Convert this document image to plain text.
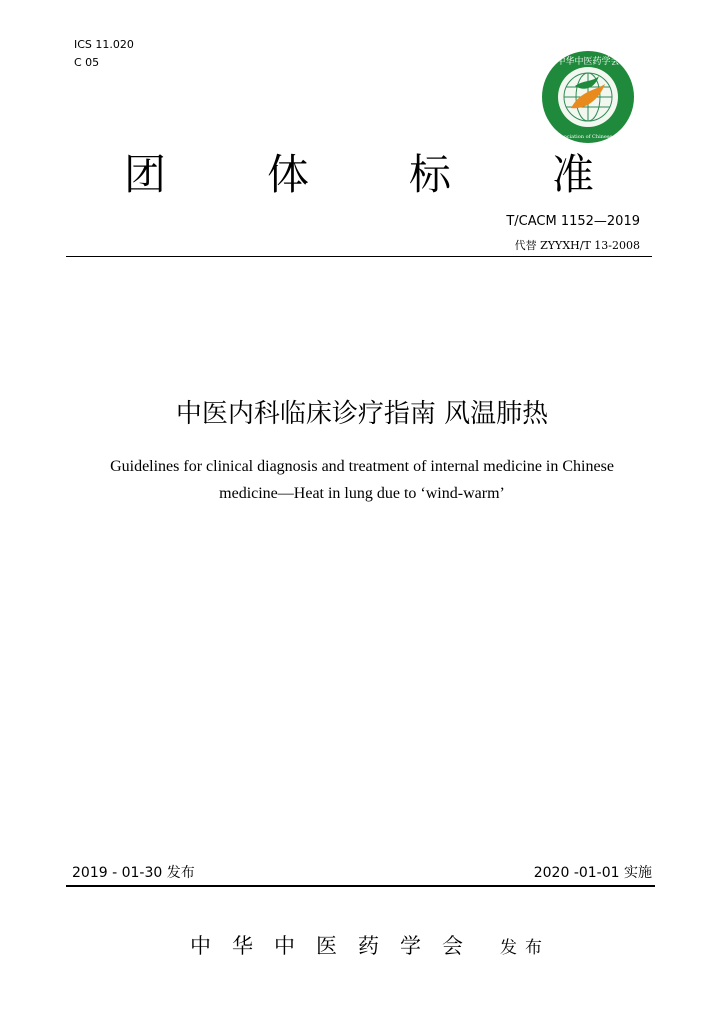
ICS 11.020
C 05	中华中医药学会
China Association of Chinese Medicine
团 体 标 准
T/CACM 1152—2019
代替 ZYYXH/T 13-2008
中医内科临床诊疗指南 风温肺热
Guidelines for clinical diagnosis and treatment of internal medicine in Chinese
medicine—Heat in lung due to ‘wind-warm’
2019 - 01-30 发布	2020 -01-01 实施
中华中医药学会 发布
